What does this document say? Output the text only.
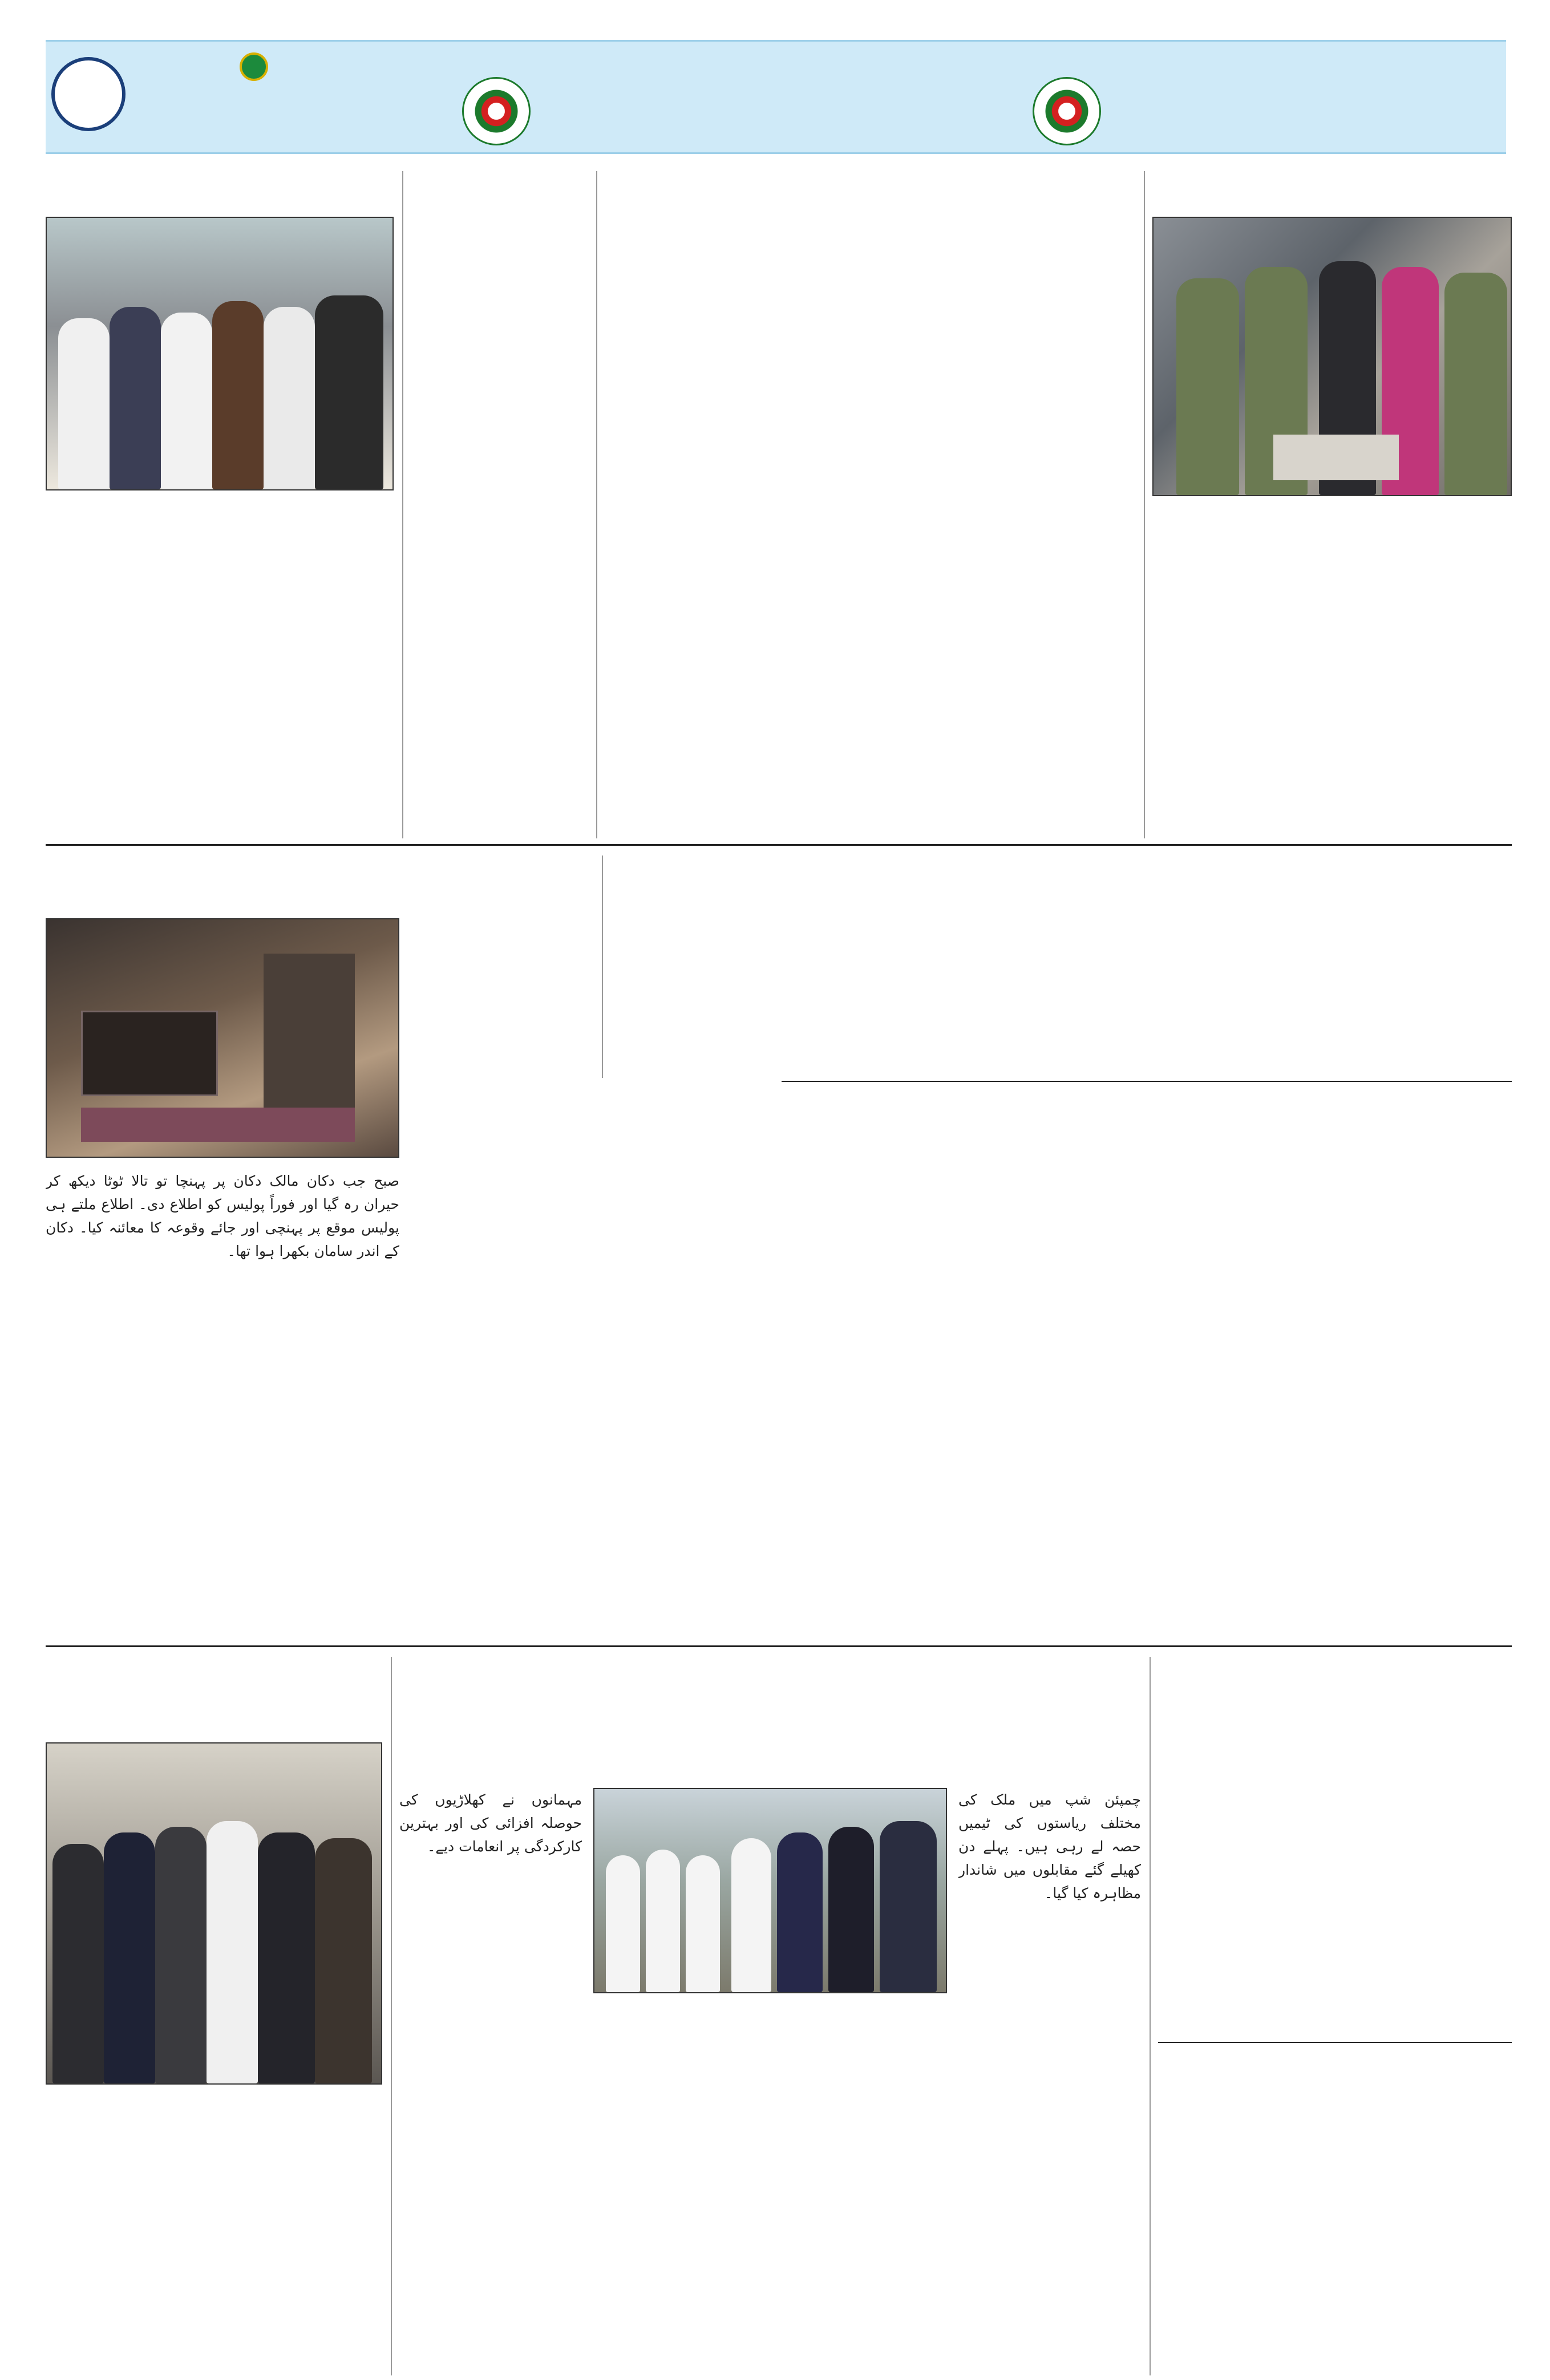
صبح جب دکان مالک دکان پر پہنچا تو تالا ٹوٹا دیکھ کر حیران رہ گیا اور فوراً پولیس کو اطلاع دی۔ اطلاع ملتے ہی پولیس موقع پر پہنچی اور جائے وقوعہ کا معائنہ کیا۔ دکان کے اندر سامان بکھرا ہوا تھا۔
چمپئن شپ میں ملک کی مختلف ریاستوں کی ٹیمیں حصہ لے رہی ہیں۔ پہلے دن کھیلے گئے مقابلوں میں شاندار مظاہرہ کیا گیا۔
مہمانوں نے کھلاڑیوں کی حوصلہ افزائی کی اور بہترین کارکردگی پر انعامات دیے۔
